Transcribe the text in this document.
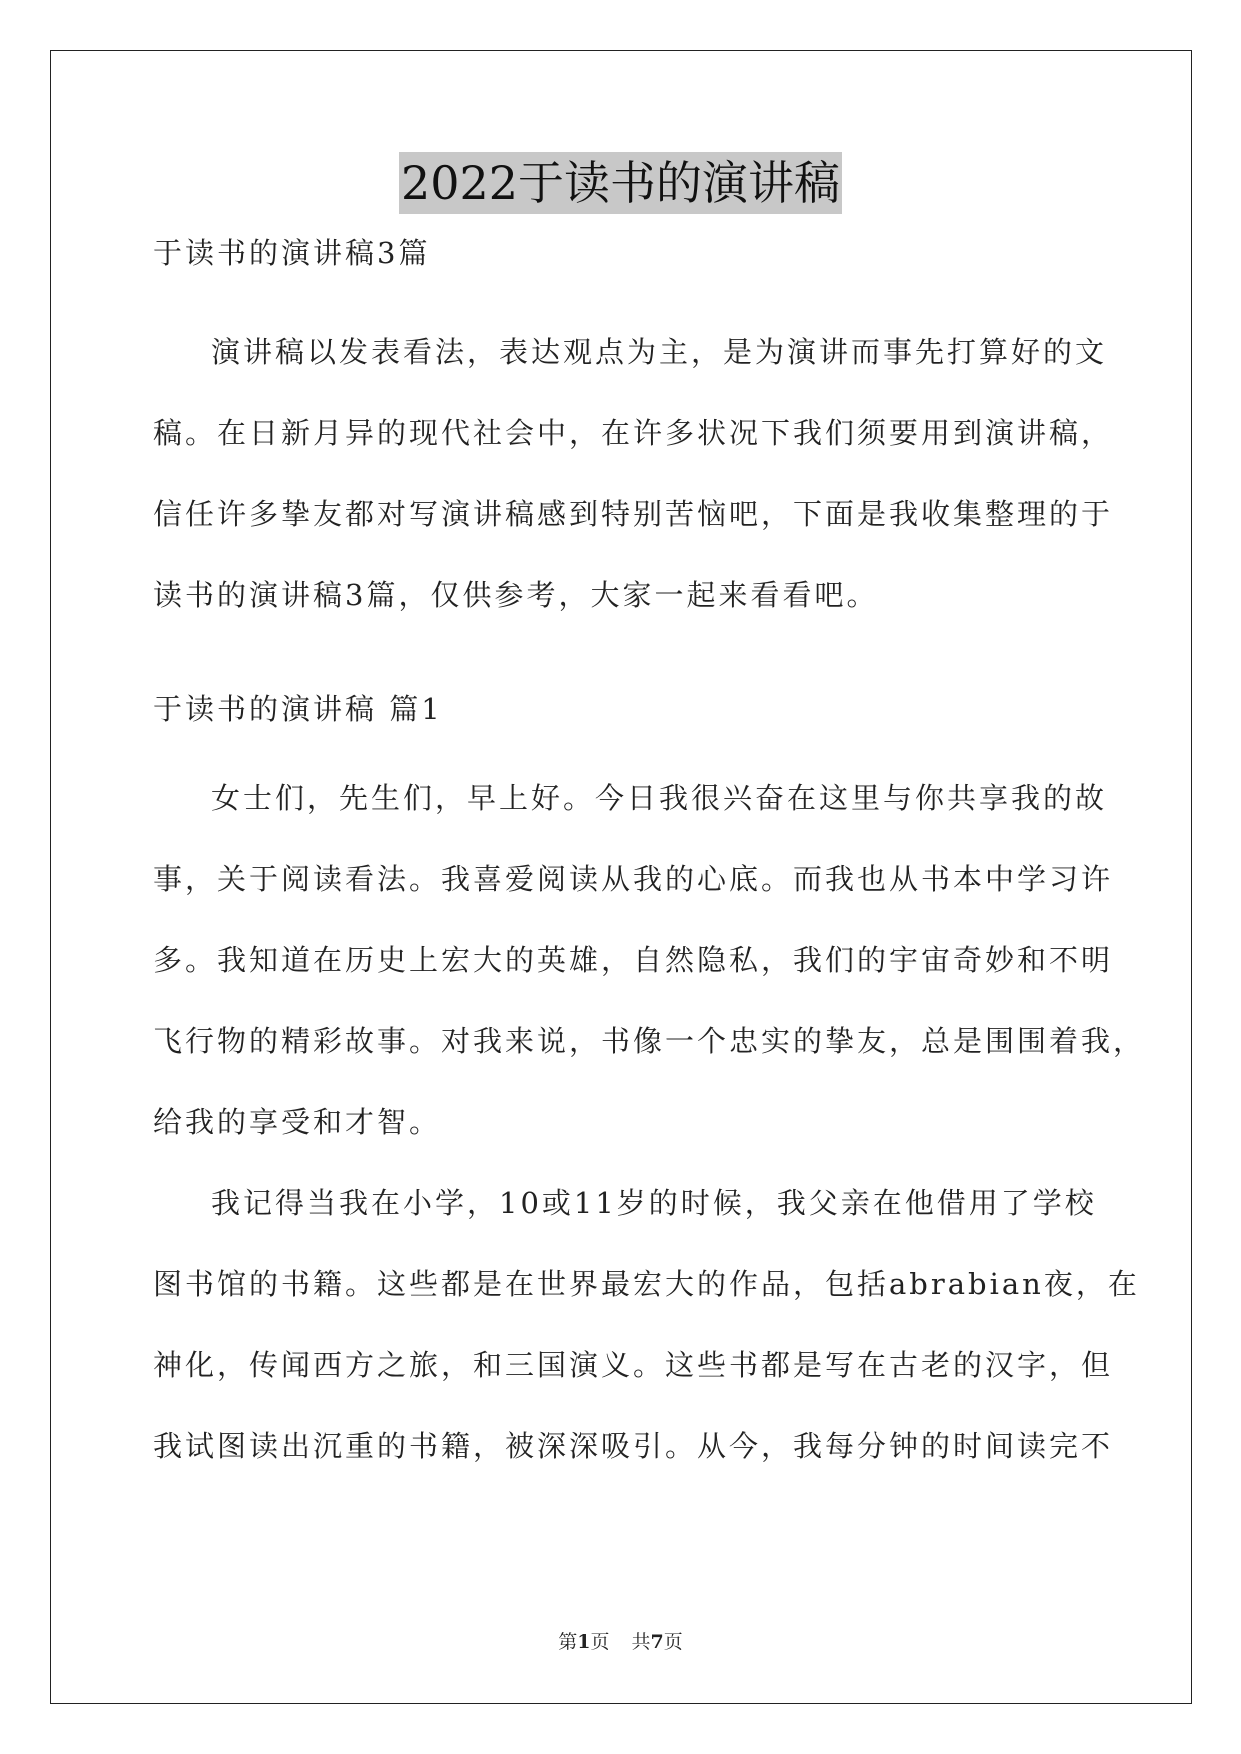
2022于读书的演讲稿
于读书的演讲稿3篇
演讲稿以发表看法，表达观点为主，是为演讲而事先打算好的文
稿。在日新月异的现代社会中，在许多状况下我们须要用到演讲稿，
信任许多挚友都对写演讲稿感到特别苦恼吧，下面是我收集整理的于
读书的演讲稿3篇，仅供参考，大家一起来看看吧。
于读书的演讲稿 篇1
女士们，先生们，早上好。今日我很兴奋在这里与你共享我的故
事，关于阅读看法。我喜爱阅读从我的心底。而我也从书本中学习许
多。我知道在历史上宏大的英雄，自然隐私，我们的宇宙奇妙和不明
飞行物的精彩故事。对我来说，书像一个忠实的挚友，总是围围着我，
给我的享受和才智。
我记得当我在小学，10或11岁的时候，我父亲在他借用了学校
图书馆的书籍。这些都是在世界最宏大的作品，包括abrabian夜，在
神化，传闻西方之旅，和三国演义。这些书都是写在古老的汉字，但
我试图读出沉重的书籍，被深深吸引。从今，我每分钟的时间读完不
第1页 共7页
